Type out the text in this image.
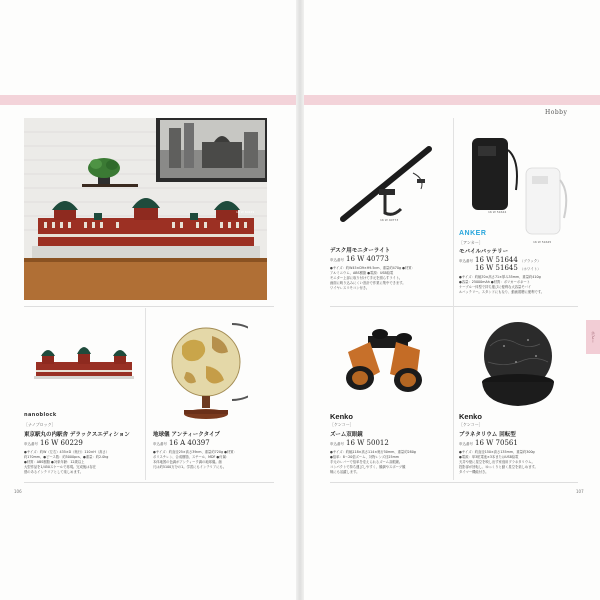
Hobby
ホビー
16 W 60229
16 W 40773
16 W 51644
16 W 51645
nanoblock
［ナノブロック］
東京駅丸の内駅舎 デラックスエディション
申込番号 16 W 60229
●サイズ：約W（左右）435×D（奥行）110×H（高さ）
約170mm、●ピース数：約5000pcs、●重量：約2.0kg
●材質：ABS樹脂 ●対象年齢：12歳以上
大型作品を1/450スケールで再現。完成後は存在
感のあるインテリアとして楽しめます。
地球儀 アンティークタイプ
申込番号 16 A 40397
●サイズ：約直径25×高さ39cm、重量約720g ●材質：
ポリスチレン、合成樹脂、スチール、MDF ●付属：
本体地図の色調がアンティーク調の地球儀。縮
尺は約5100万分の1。学習にもインテリアにも。
デスク用モニターライト
申込番号 16 W 40773
●サイズ：約W45×D9×H9.5cm、重量約470g ●材質：
アルミニウム、ABS樹脂 ●電源：USB給電
モニター上部に取り付けて手元を照らすライト。
画面に映り込みにくい設計で作業に集中できます。
ワイヤレスリモコン付き。
ANKER
［アンカー］
モバイルバッテリー
申込番号 16 W 51644 （ブラック）
16 W 51645 （ホワイト）
●サイズ：約幅70×高さ71×厚み35mm、重量約410g
●容量：25000mAh ●材質：ポリカーボネート
ケーブル一体型で持ち運びに便利な大容量モバイ
ルバッテリー。スタンドにもなり、動画視聴に便利です。
Kenko
［ケンコー］
ズーム双眼鏡
申込番号 16 W 50012
●サイズ：約幅118×高さ114×奥行50mm、重量約280g
●倍率：8〜20倍ズーム、対物レンズ径25mm
手元のレバーで倍率を変えられるズーム双眼鏡。
コンパクトで持ち運びしやすく、観劇やスポーツ観
戦にも活躍します。
Kenko
［ケンコー］
プラネタリウム 回転型
申込番号 16 W 70561
●サイズ：約直径150×高さ135mm、重量約300g
●電源：単3乾電池×3本またはUSB給電
天井や壁に星空を映し出す家庭用プラネタリウム。
投影部が回転し、ゆっくりと動く星空を楽しめます。
タイマー機能付き。
106	107
